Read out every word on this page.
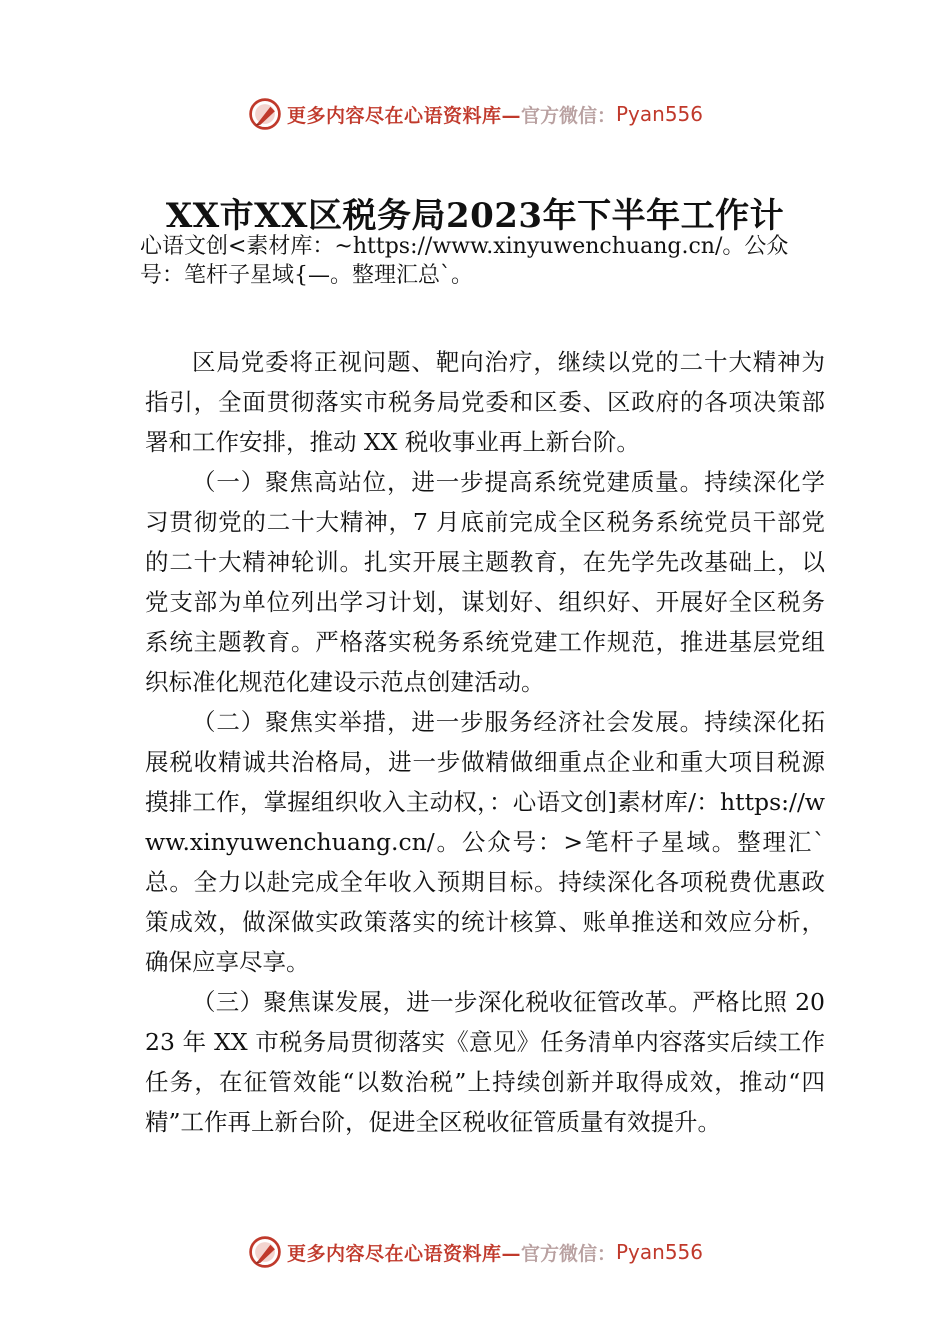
更多内容尽在心语资料库— 官方微信： Pyan556
XX市XX区税务局2023年下半年工作计

心语文创<素材库：~https://www.xinyuwenchuang.cn/。公众号：笔杆子星域{—。整理汇总`。

区局党委将正视问题、靶向治疗，继续以党的二十大精神为指引，全面贯彻落实市税务局党委和区委、区政府的各项决策部署和工作安排，推动 XX 税收事业再上新台阶。

（一）聚焦高站位，进一步提高系统党建质量。持续深化学习贯彻党的二十大精神，7 月底前完成全区税务系统党员干部党的二十大精神轮训。扎实开展主题教育，在先学先改基础上，以党支部为单位列出学习计划，谋划好、组织好、开展好全区税务系统主题教育。严格落实税务系统党建工作规范，推进基层党组织标准化规范化建设示范点创建活动。

（二）聚焦实举措，进一步服务经济社会发展。持续深化拓展税收精诚共治格局，进一步做精做细重点企业和重大项目税源摸排工作，掌握组织收入主动权，：心语文创]素材库/：https://www.xinyuwenchuang.cn/。公众号：>笔杆子星域。整理汇`总。全力以赴完成全年收入预期目标。持续深化各项税费优惠政策成效，做深做实政策落实的统计核算、账单推送和效应分析，确保应享尽享。

（三）聚焦谋发展，进一步深化税收征管改革。严格比照 2023 年 XX 市税务局贯彻落实《意见》任务清单内容落实后续工作任务，在征管效能“以数治税”上持续创新并取得成效，推动“四精”工作再上新台阶，促进全区税收征管质量有效提升。

更多内容尽在心语资料库— 官方微信： Pyan556
